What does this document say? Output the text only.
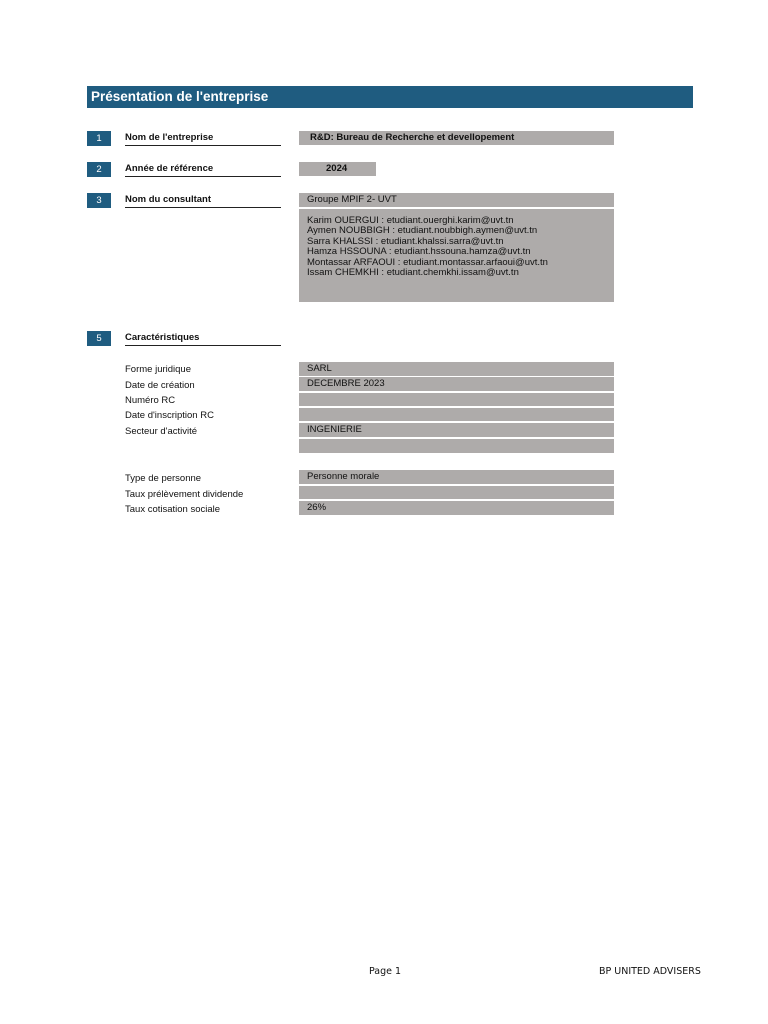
Présentation de l'entreprise
1	Nom de l'entreprise	R&D: Bureau de Recherche et devellopement
2	Année de référence	2024
3	Nom du consultant	Groupe MPIF 2- UVT
Karim OUERGUI : etudiant.ouerghi.karim@uvt.tn
Aymen NOUBBIGH : etudiant.noubbigh.aymen@uvt.tn
Sarra KHALSSI : etudiant.khalssi.sarra@uvt.tn
Hamza HSSOUNA : etudiant.hssouna.hamza@uvt.tn
Montassar ARFAOUI : etudiant.montassar.arfaoui@uvt.tn
Issam CHEMKHI : etudiant.chemkhi.issam@uvt.tn
5	Caractéristiques
Forme juridique	SARL
Date de création	DECEMBRE 2023
Numéro RC
Date d'inscription RC
Secteur d'activité	INGENIERIE
Type de personne	Personne morale
Taux prélèvement dividende
Taux cotisation sociale	26%
Page 1	BP UNITED ADVISERS
